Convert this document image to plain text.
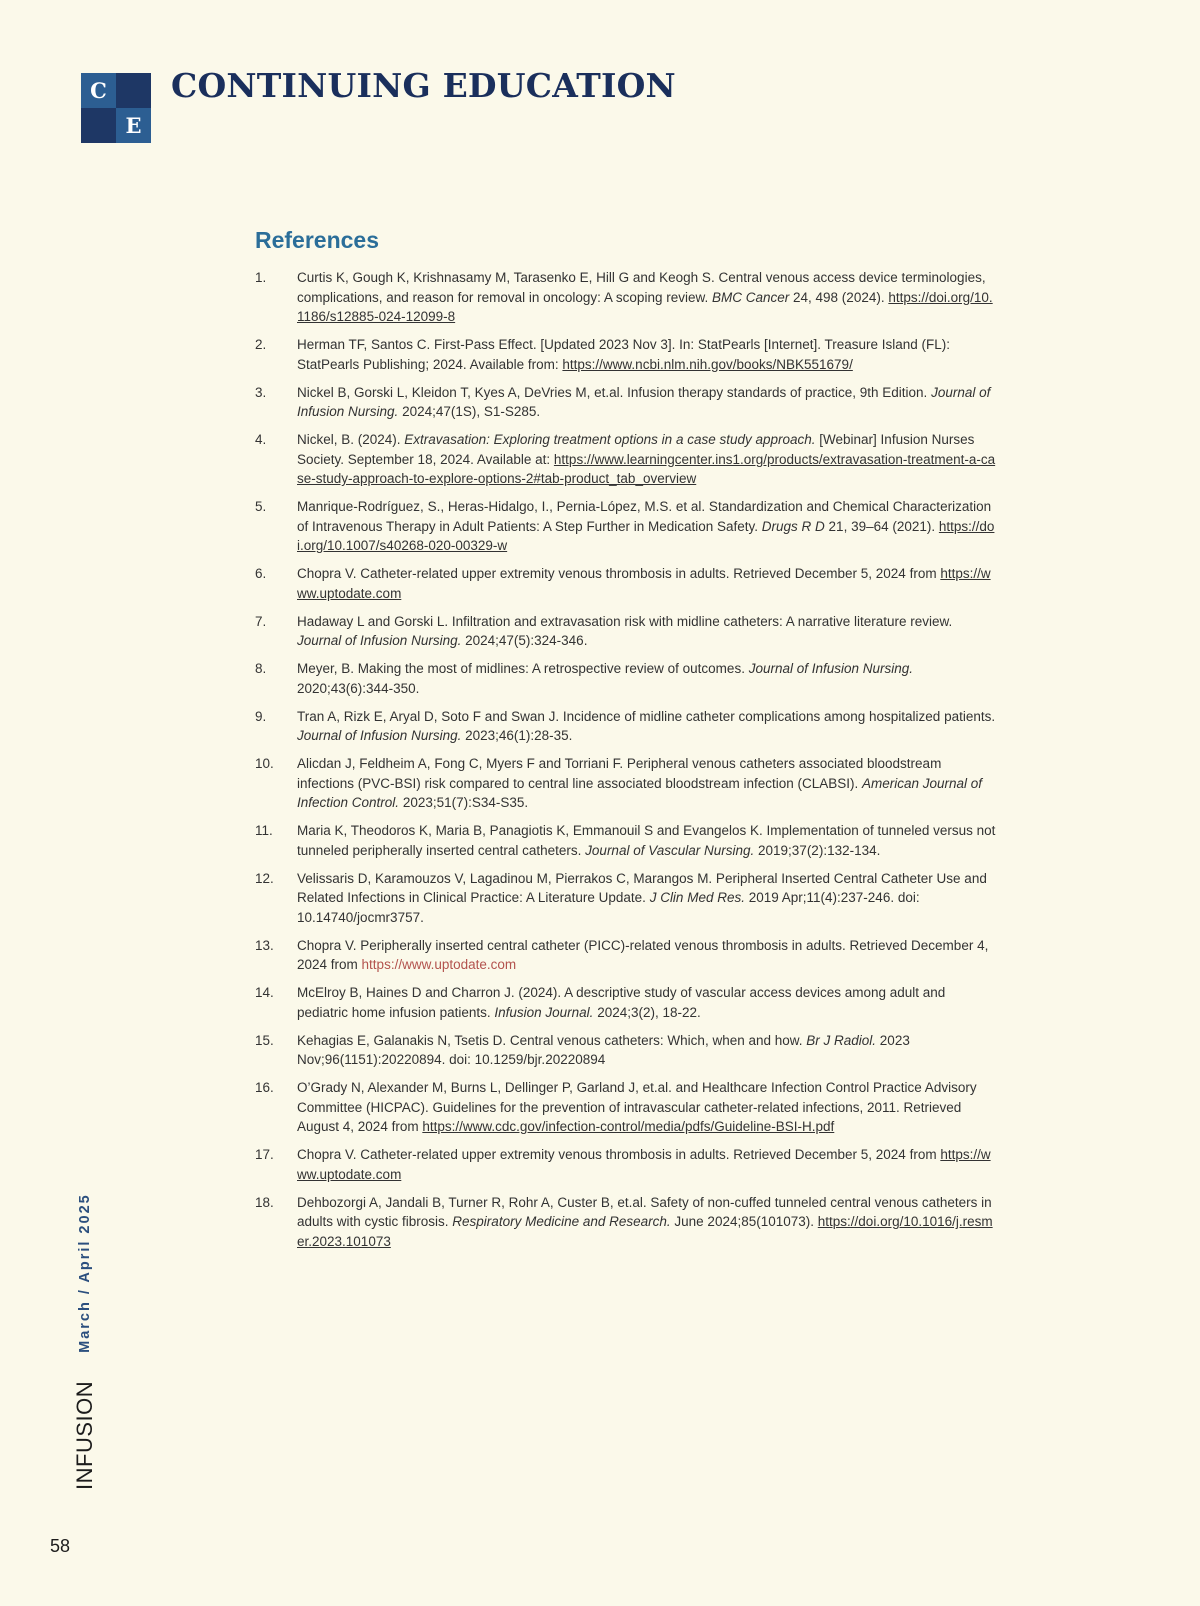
C
E
CONTINUING EDUCATION
References
1.	Curtis K, Gough K, Krishnasamy M, Tarasenko E, Hill G and Keogh S. Central venous access device terminologies, complications, and reason for removal in oncology: A scoping review. BMC Cancer 24, 498 (2024). https://doi.org/10.1186/s12885-024-12099-8
2.	Herman TF, Santos C. First-Pass Effect. [Updated 2023 Nov 3]. In: StatPearls [Internet]. Treasure Island (FL): StatPearls Publishing; 2024. Available from: https://www.ncbi.nlm.nih.gov/books/NBK551679/
3.	Nickel B, Gorski L, Kleidon T, Kyes A, DeVries M, et.al. Infusion therapy standards of practice, 9th Edition. Journal of Infusion Nursing. 2024;47(1S), S1-S285.
4.	Nickel, B. (2024). Extravasation: Exploring treatment options in a case study approach. [Webinar] Infusion Nurses Society. September 18, 2024. Available at: https://www.learningcenter.ins1.org/products/extravasation-treatment-a-case-study-approach-to-explore-options-2#tab-product_tab_overview
5.	Manrique-Rodríguez, S., Heras-Hidalgo, I., Pernia-López, M.S. et al. Standardization and Chemical Characterization of Intravenous Therapy in Adult Patients: A Step Further in Medication Safety. Drugs R D 21, 39–64 (2021). https://doi.org/10.1007/s40268-020-00329-w
6.	Chopra V. Catheter-related upper extremity venous thrombosis in adults. Retrieved December 5, 2024 from https://www.uptodate.com
7.	Hadaway L and Gorski L. Infiltration and extravasation risk with midline catheters: A narrative literature review. Journal of Infusion Nursing. 2024;47(5):324-346.
8.	Meyer, B. Making the most of midlines: A retrospective review of outcomes. Journal of Infusion Nursing. 2020;43(6):344-350.
9.	Tran A, Rizk E, Aryal D, Soto F and Swan J. Incidence of midline catheter complications among hospitalized patients. Journal of Infusion Nursing. 2023;46(1):28-35.
10.	Alicdan J, Feldheim A, Fong C, Myers F and Torriani F. Peripheral venous catheters associated bloodstream infections (PVC-BSI) risk compared to central line associated bloodstream infection (CLABSI). American Journal of Infection Control. 2023;51(7):S34-S35.
11.	Maria K, Theodoros K, Maria B, Panagiotis K, Emmanouil S and Evangelos K. Implementation of tunneled versus not tunneled peripherally inserted central catheters. Journal of Vascular Nursing. 2019;37(2):132-134.
12.	Velissaris D, Karamouzos V, Lagadinou M, Pierrakos C, Marangos M. Peripheral Inserted Central Catheter Use and Related Infections in Clinical Practice: A Literature Update. J Clin Med Res. 2019 Apr;11(4):237-246. doi: 10.14740/jocmr3757.
13.	Chopra V. Peripherally inserted central catheter (PICC)-related venous thrombosis in adults. Retrieved December 4, 2024 from https://www.uptodate.com
14.	McElroy B, Haines D and Charron J. (2024). A descriptive study of vascular access devices among adult and pediatric home infusion patients. Infusion Journal. 2024;3(2), 18-22.
15.	Kehagias E, Galanakis N, Tsetis D. Central venous catheters: Which, when and how. Br J Radiol. 2023 Nov;96(1151):20220894. doi: 10.1259/bjr.20220894
16.	O’Grady N, Alexander M, Burns L, Dellinger P, Garland J, et.al. and Healthcare Infection Control Practice Advisory Committee (HICPAC). Guidelines for the prevention of intravascular catheter-related infections, 2011. Retrieved August 4, 2024 from https://www.cdc.gov/infection-control/media/pdfs/Guideline-BSI-H.pdf
17.	Chopra V. Catheter-related upper extremity venous thrombosis in adults. Retrieved December 5, 2024 from https://www.uptodate.com
18.	Dehbozorgi A, Jandali B, Turner R, Rohr A, Custer B, et.al. Safety of non-cuffed tunneled central venous catheters in adults with cystic fibrosis. Respiratory Medicine and Research. June 2024;85(101073). https://doi.org/10.1016/j.resmer.2023.101073
INFUSION
March / April 2025
58
